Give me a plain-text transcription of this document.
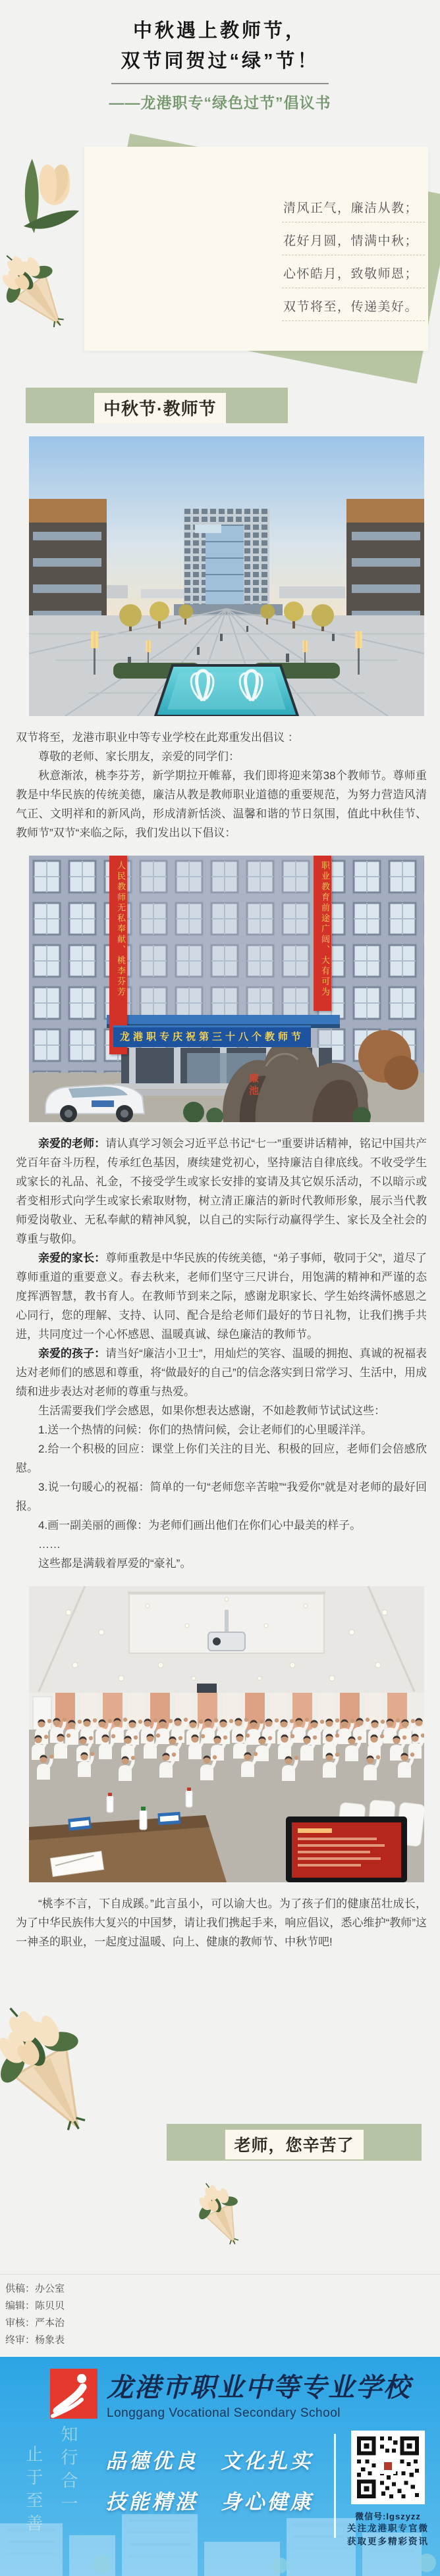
中秋遇上教师节，
双节同贺过“绿”节！
——龙港职专“绿色过节”倡议书
清风正气，廉洁从教；
花好月圆，情满中秋；
心怀皓月，致敬师恩；
双节将至，传递美好。
中秋节·教师节

双节将至，龙港市职业中等专业学校在此郑重发出倡议 ：

尊敬的老师、家长朋友，亲爱的同学们：

秋意渐浓，桃李芬芳，新学期拉开帷幕，我们即将迎来第38个教师节。尊师重教是中华民族的传统美德，廉洁从教是教师职业道德的重要规范，为努力营造风清气正、文明祥和的新风尚，形成清新恬淡、温馨和谐的节日氛围，值此中秋佳节、教师节”双节“来临之际，我们发出以下倡议：

人民教师无私奉献、桃李芬芳	职业教育前途广阔、大有可为
龙港职专庆祝第三十八个教师节
廉池

亲爱的老师：请认真学习领会习近平总书记“七一”重要讲话精神，铭记中国共产党百年奋斗历程，传承红色基因，赓续建党初心，坚持廉洁自律底线。不收受学生或家长的礼品、礼金，不接受学生或家长安排的宴请及其它娱乐活动，不以暗示或者变相形式向学生或家长索取财物，树立清正廉洁的新时代教师形象，展示当代教师爱岗敬业、无私奉献的精神风貌，以自己的实际行动赢得学生、家长及全社会的尊重与敬仰。

亲爱的家长：尊师重教是中华民族的传统美德，“弟子事师，敬同于父”，道尽了尊师重道的重要意义。春去秋来，老师们坚守三尺讲台，用饱满的精神和严谨的态度挥洒智慧，教书育人。在教师节到来之际，感谢龙职家长、学生始终满怀感恩之心同行，您的理解、支持、认同、配合是给老师们最好的节日礼物，让我们携手共进，共同度过一个心怀感恩、温暖真诚、绿色廉洁的教师节。

亲爱的孩子：请当好“廉洁小卫士”，用灿烂的笑容、温暖的拥抱、真诚的祝福表达对老师们的感恩和尊重，将“做最好的自己”的信念落实到日常学习、生活中，用成绩和进步表达对老师的尊重与热爱。

生活需要我们学会感恩，如果你想表达感谢，不如趁教师节试试这些：

1.送一个热情的问候：你们的热情问候，会让老师们的心里暖洋洋。

2.给一个积极的回应：课堂上你们关注的目光、积极的回应，老师们会倍感欣慰。

3.说一句暖心的祝福：简单的一句“老师您辛苦啦”“我爱你”就是对老师的最好回报。

4.画一副美丽的画像：为老师们画出他们在你们心中最美的样子。

……

这些都是满载着厚爱的“豪礼”。

“桃李不言，下自成蹊。”此言虽小，可以谕大也。为了孩子们的健康茁壮成长，为了中华民族伟大复兴的中国梦，请让我们携起手来，响应倡议，悉心维护“教师”这一神圣的职业，一起度过温暖、向上、健康的教师节、中秋节吧!

老师，您辛苦了
供稿：办公室
编辑：陈贝贝
审核：严本治
终审：杨象表
龙港市职业中等专业学校
Longgang Vocational Secondary School
止于至善 知行合一	品德优良　文化扎实
技能精湛　身心健康
微信号:lgszyzz
关注龙港职专官微
获取更多精彩资讯
